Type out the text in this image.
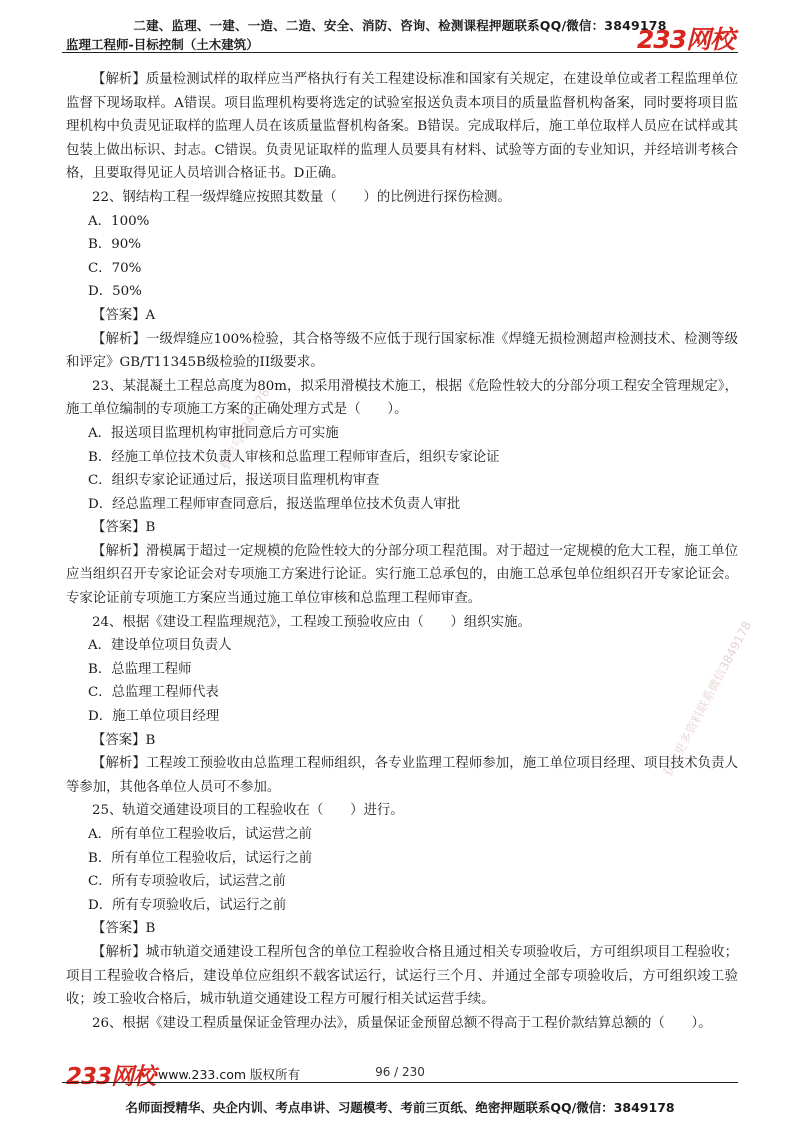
二建、监理、一建、一造、二造、安全、消防、咨询、检测课程押题联系QQ/微信：3849178
监理工程师-目标控制（土木建筑）	233网校
微信号3849178
获取更多资料联系微信3849178

【解析】质量检测试样的取样应当严格执行有关工程建设标准和国家有关规定，在建设单位或者工程监理单位监督下现场取样。A错误。项目监理机构要将选定的试验室报送负责本项目的质量监督机构备案，同时要将项目监理机构中负责见证取样的监理人员在该质量监督机构备案。B错误。完成取样后，施工单位取样人员应在试样或其包装上做出标识、封志。C错误。负责见证取样的监理人员要具有材料、试验等方面的专业知识，并经培训考核合格，且要取得见证人员培训合格证书。D正确。

22、钢结构工程一级焊缝应按照其数量（　　）的比例进行探伤检测。

A．100%

B．90%

C．70%

D．50%

【答案】A

【解析】一级焊缝应100%检验，其合格等级不应低于现行国家标准《焊缝无损检测超声检测技术、检测等级和评定》GB/T11345B级检验的II级要求。

23、某混凝土工程总高度为80m，拟采用滑模技术施工，根据《危险性较大的分部分项工程安全管理规定》，施工单位编制的专项施工方案的正确处理方式是（　　）。

A．报送项目监理机构审批同意后方可实施

B．经施工单位技术负责人审核和总监理工程师审查后，组织专家论证

C．组织专家论证通过后，报送项目监理机构审查

D．经总监理工程师审查同意后，报送监理单位技术负责人审批

【答案】B

【解析】滑模属于超过一定规模的危险性较大的分部分项工程范围。对于超过一定规模的危大工程，施工单位应当组织召开专家论证会对专项施工方案进行论证。实行施工总承包的，由施工总承包单位组织召开专家论证会。专家论证前专项施工方案应当通过施工单位审核和总监理工程师审查。

24、根据《建设工程监理规范》，工程竣工预验收应由（　　）组织实施。

A．建设单位项目负责人

B．总监理工程师

C．总监理工程师代表

D．施工单位项目经理

【答案】B

【解析】工程竣工预验收由总监理工程师组织，各专业监理工程师参加，施工单位项目经理、项目技术负责人等参加，其他各单位人员可不参加。

25、轨道交通建设项目的工程验收在（　　）进行。

A．所有单位工程验收后，试运营之前

B．所有单位工程验收后，试运行之前

C．所有专项验收后，试运营之前

D．所有专项验收后，试运行之前

【答案】B

【解析】城市轨道交通建设工程所包含的单位工程验收合格且通过相关专项验收后，方可组织项目工程验收；项目工程验收合格后，建设单位应组织不载客试运行，试运行三个月、并通过全部专项验收后，方可组织竣工验收；竣工验收合格后，城市轨道交通建设工程方可履行相关试运营手续。

26、根据《建设工程质量保证金管理办法》，质量保证金预留总额不得高于工程价款结算总额的（　　）。

233网校 www.233.com 版权所有	96 / 230
名师面授精华、央企内训、考点串讲、习题模考、考前三页纸、绝密押题联系QQ/微信：3849178
